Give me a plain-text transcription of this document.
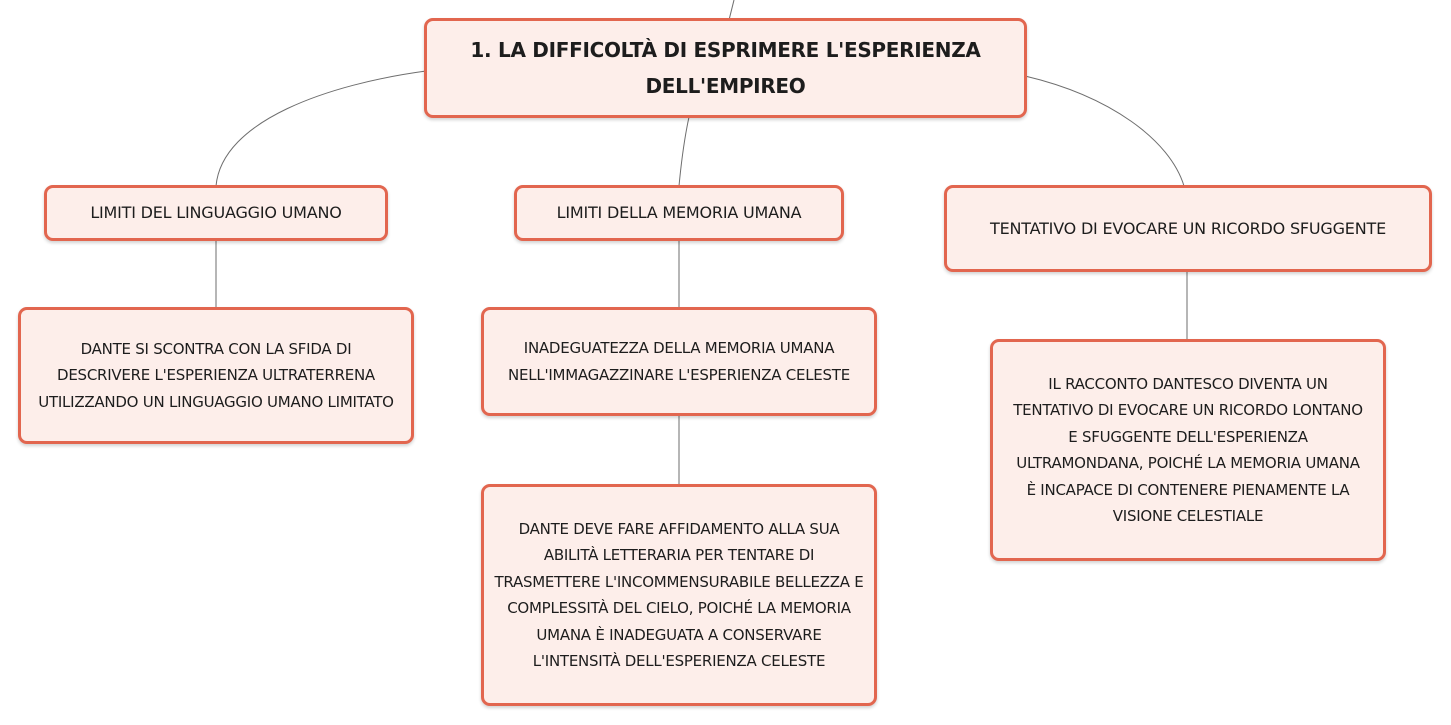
1. LA DIFFICOLTÀ DI ESPRIMERE L'ESPERIENZA DELL'EMPIREO
LIMITI DEL LINGUAGGIO UMANO	LIMITI DELLA MEMORIA UMANA
TENTATIVO DI EVOCARE UN RICORDO SFUGGENTE
DANTE SI SCONTRA CON LA SFIDA DI DESCRIVERE L'ESPERIENZA ULTRATERRENA UTILIZZANDO UN LINGUAGGIO UMANO LIMITATO
INADEGUATEZZA DELLA MEMORIA UMANA NELL'IMMAGAZZINARE L'ESPERIENZA CELESTE
DANTE DEVE FARE AFFIDAMENTO ALLA SUA ABILITÀ LETTERARIA PER TENTARE DI TRASMETTERE L'INCOMMENSURABILE BELLEZZA E COMPLESSITÀ DEL CIELO, POICHÉ LA MEMORIA UMANA È INADEGUATA A CONSERVARE L'INTENSITÀ DELL'ESPERIENZA CELESTE
IL RACCONTO DANTESCO DIVENTA UN TENTATIVO DI EVOCARE UN RICORDO LONTANO E SFUGGENTE DELL'ESPERIENZA ULTRAMONDANA, POICHÉ LA MEMORIA UMANA È INCAPACE DI CONTENERE PIENAMENTE LA VISIONE CELESTIALE
